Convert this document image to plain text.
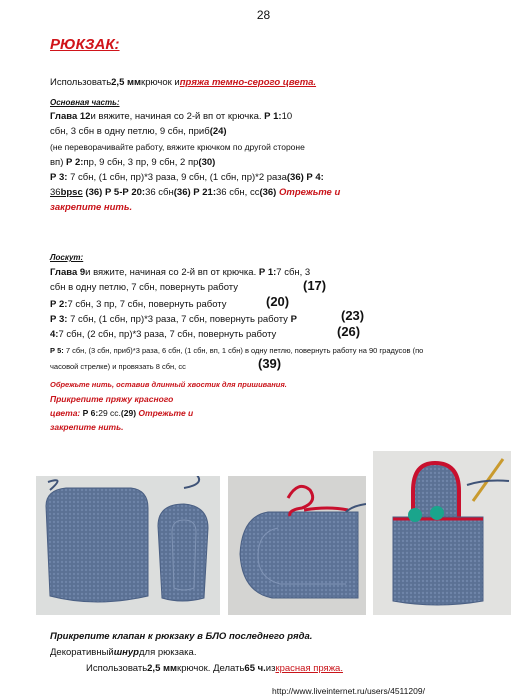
28
РЮКЗАК:
Использовать2,5 ммкрючок ипряжа темно-серого цвета.
Основная часть:
Глава 12и вяжите, начиная со 2-й вп от крючка. Р 1:10
сбн, 3 сбн в одну петлю, 9 сбн, приб(24)
(не переворачивайте работу, вяжите крючком по другой стороне
вп) Р 2:пр, 9 сбн, 3 пр, 9 сбн, 2 пр(30)
Р 3: 7 сбн, (1 сбн, пр)*3 раза, 9 сбн, (1 сбн, пр)*2 раза(36) Р 4:
36bpsc (36) Р 5-Р 20:36 сбн(36) Р 21:36 сбн, сс(36) Отрежьте и
закрепите нить.
Лоскут:
Глава 9и вяжите, начиная со 2-й вп от крючка. Р 1:7 сбн, 3
сбн в одну петлю, 7 сбн, повернуть работу	(17)
Р 2:7 сбн, 3 пр, 7 сбн, повернуть работу	(20)
Р 3: 7 сбн, (1 сбн, пр)*3 раза, 7 сбн, повернуть работу Р	(23)
4:7 сбн, (2 сбн, пр)*3 раза, 7 сбн, повернуть работу	(26)
Р 5: 7 сбн, (3 сбн, приб)*3 раза, 6 сбн, (1 сбн, вп, 1 сбн) в одну петлю, повернуть работу на 90 градусов (по
часовой стрелке) и провязать 8 сбн, сс	(39)
Обрежьте нить, оставив длинный хвостик для пришивания.
Прикрепите пряжу красного
цвета: Р 6:29 сс.(29) Отрежьте и
закрепите нить.
Прикрепите клапан к рюкзаку в БЛО последнего ряда.
Декоративныйшнурдля рюкзака.
Использовать2,5 ммкрючок. Делать65 ч.изкрасная пряжа.
http://www.liveinternet.ru/users/4511209/
